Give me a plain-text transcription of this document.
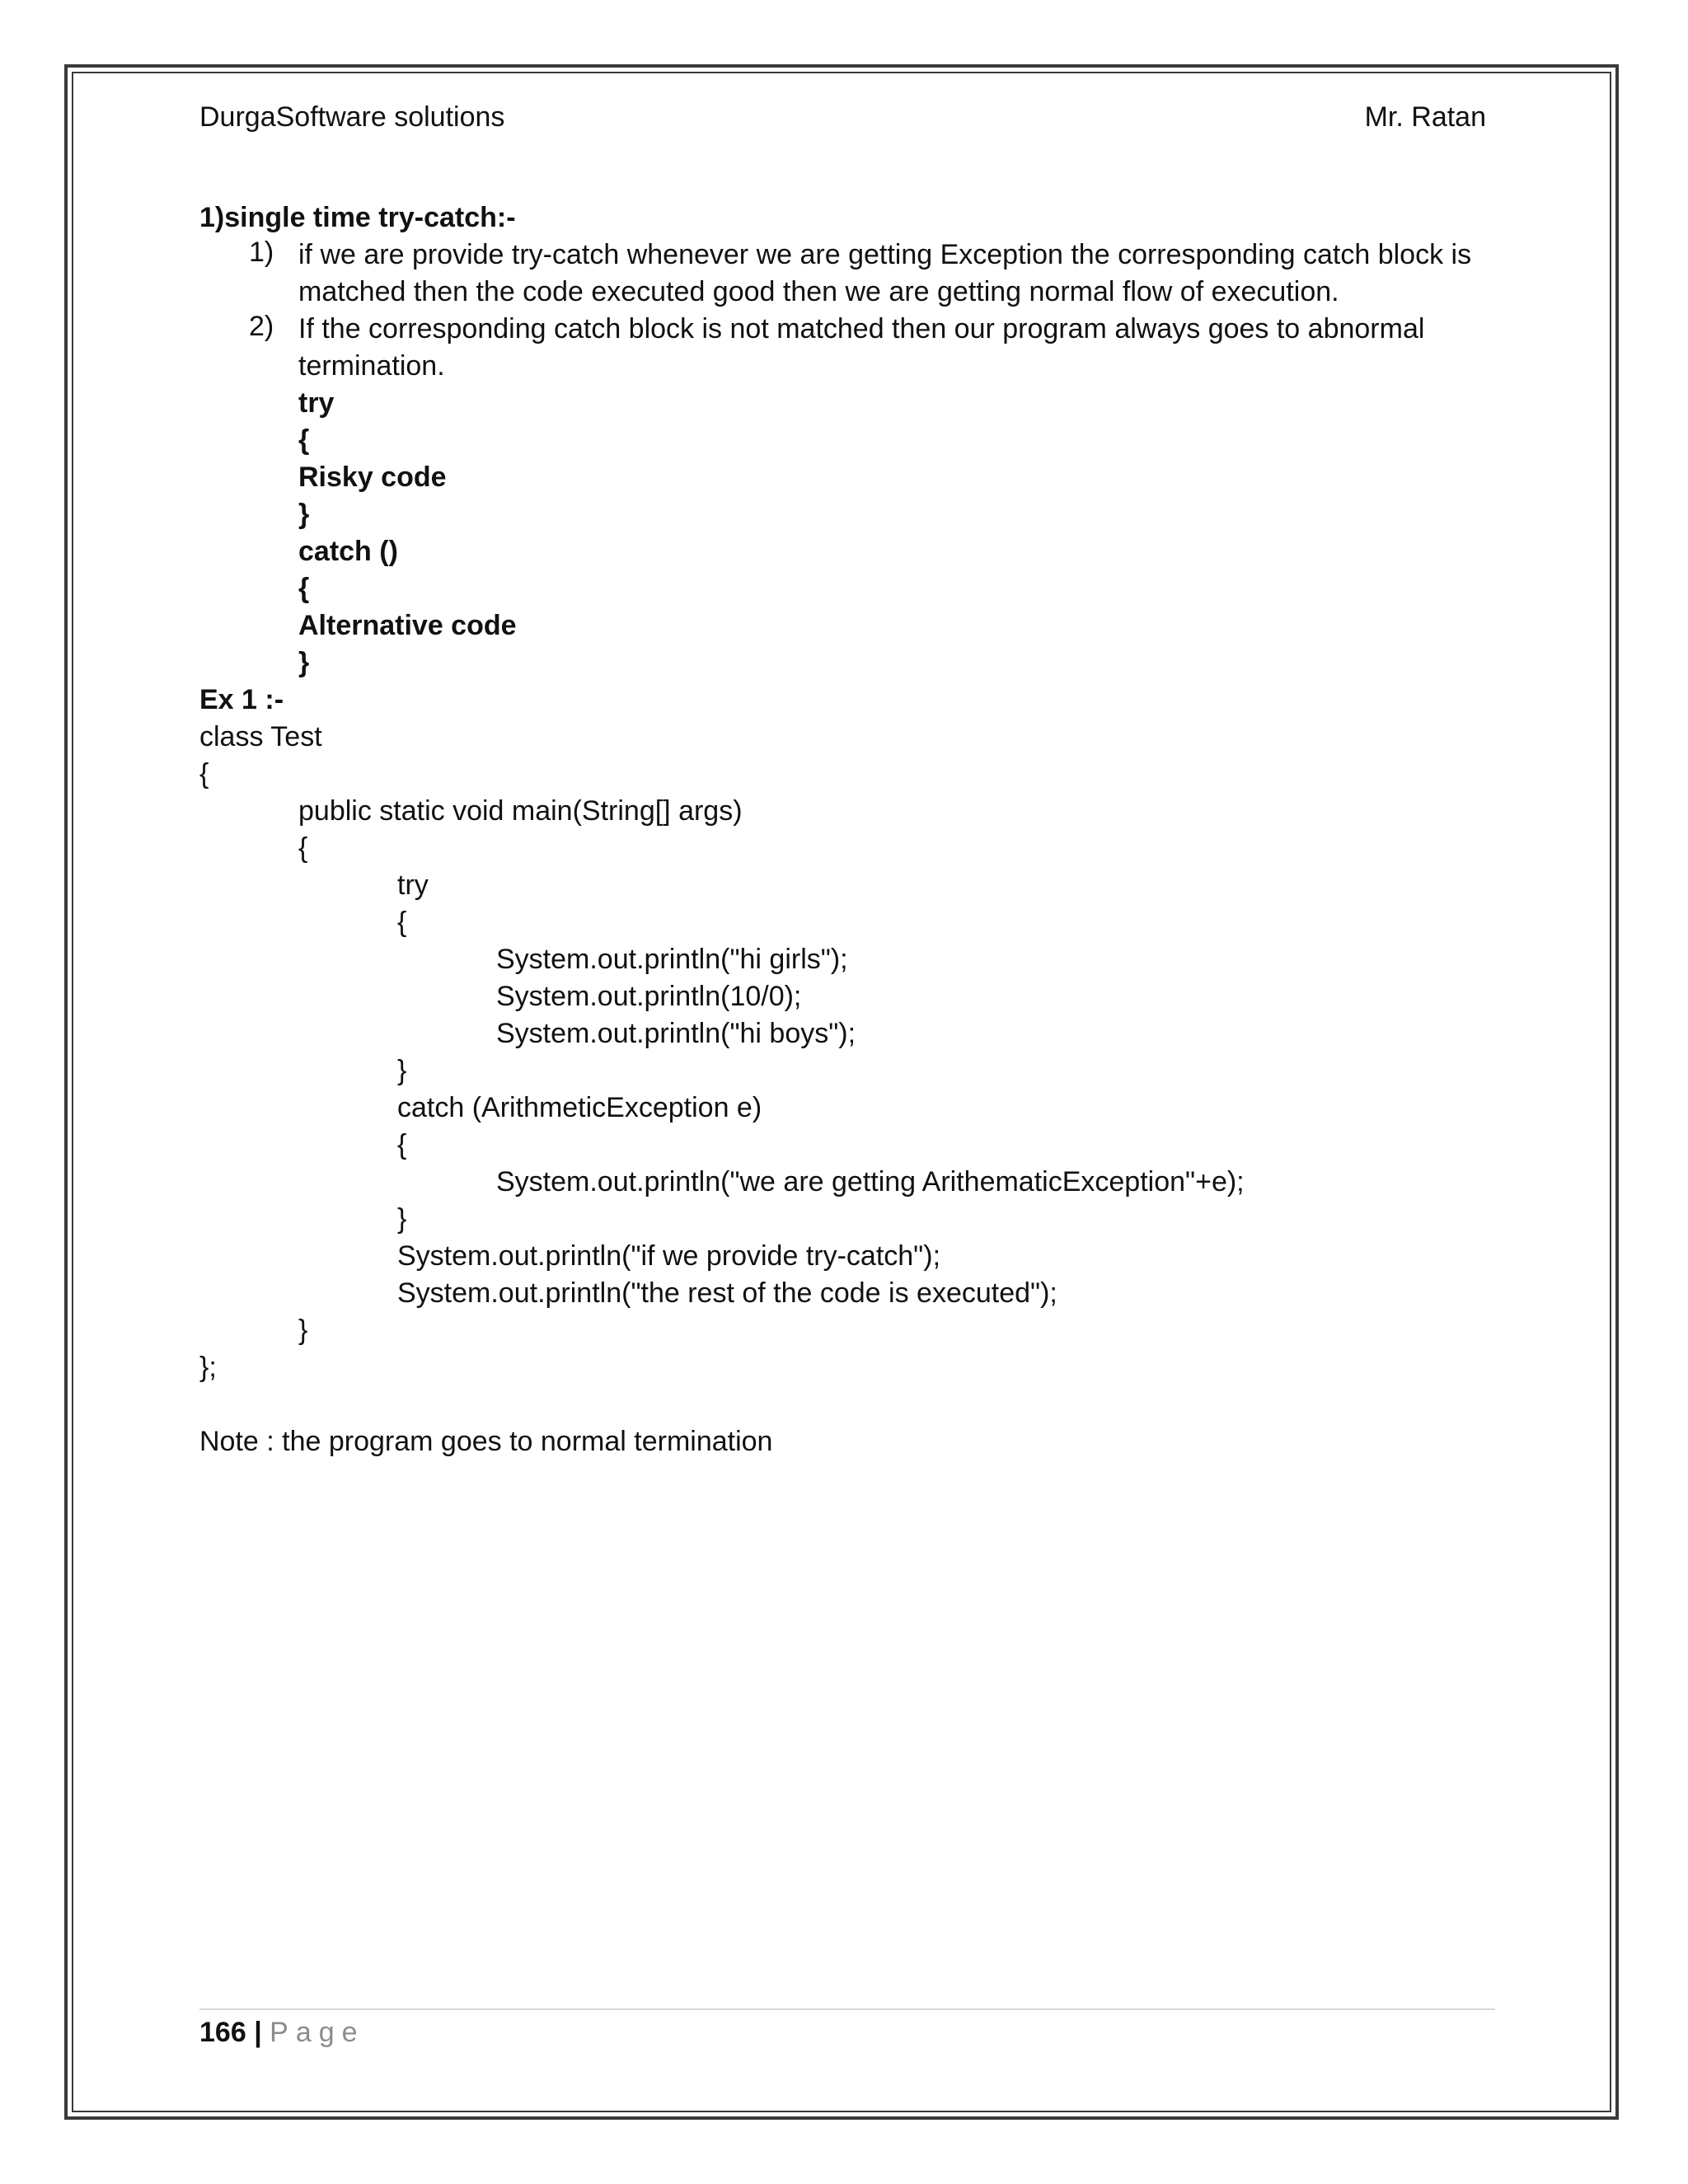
DurgaSoftware solutions	Mr. Ratan
1)single time try-catch:-
1) if we are provide try-catch whenever we are getting Exception the corresponding catch block is
matched then the code executed good then we are getting normal flow of execution.
2) If the corresponding catch block is not matched then our program always goes to abnormal
termination.
try
{
Risky code
}
catch ()
{
Alternative code
}
Ex 1 :-
class Test
{
public static void main(String[] args)
{
try
{
System.out.println("hi girls");
System.out.println(10/0);
System.out.println("hi boys");
}
catch (ArithmeticException e)
{
System.out.println("we are getting ArithematicException"+e);
}
System.out.println("if we provide try-catch");
System.out.println("the rest of the code is executed");
}
};
Note : the program goes to normal termination
166 | Page
